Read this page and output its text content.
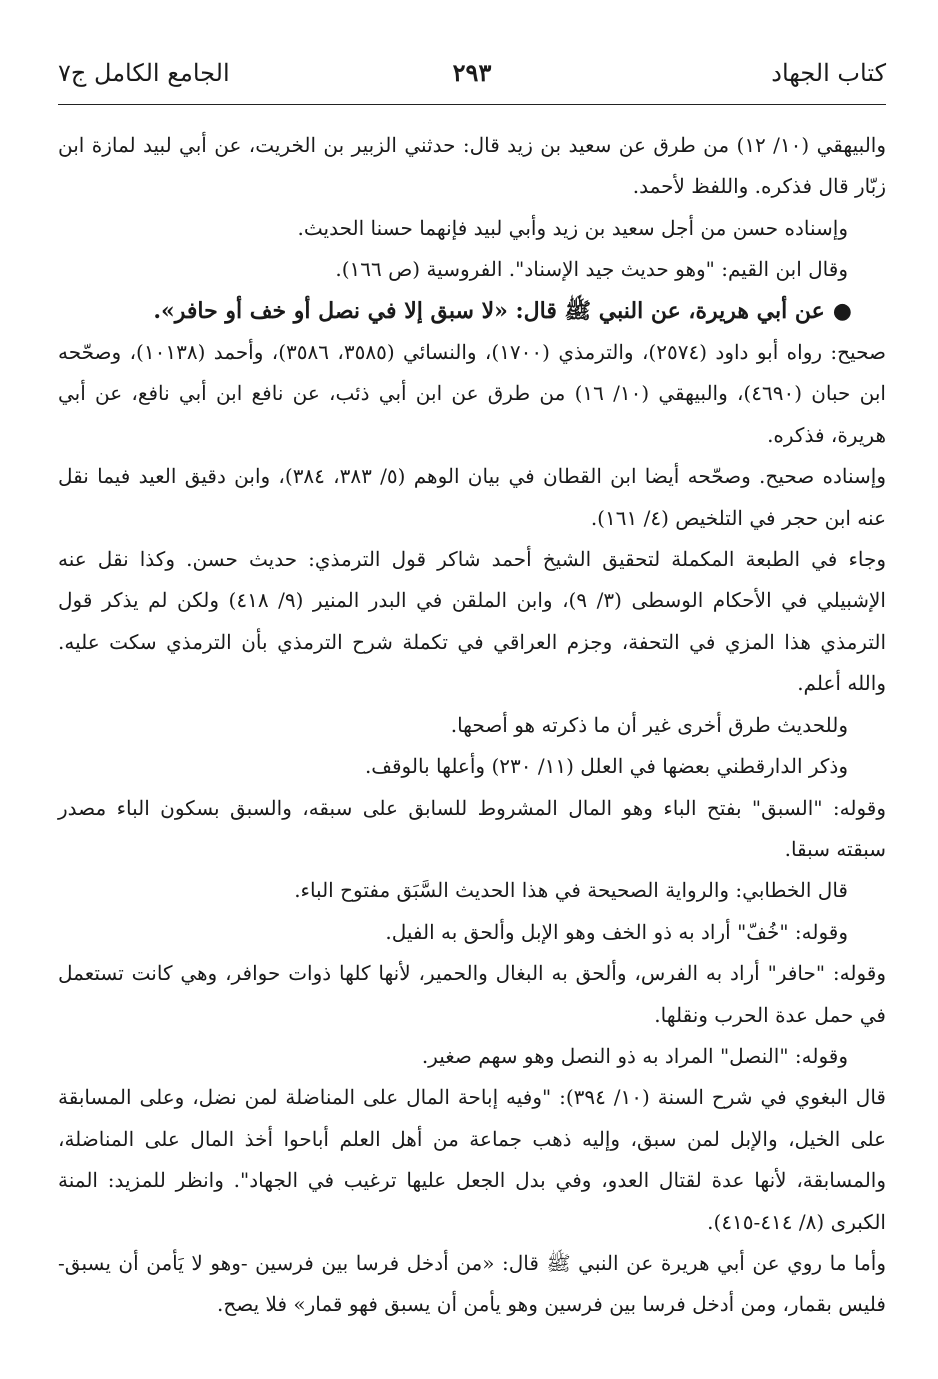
كتاب الجهاد
٢٩٣
الجامع الكامل ج٧

والبيهقي (١٠/ ١٢) من طرق عن سعيد بن زيد قال: حدثني الزبير بن الخريت، عن أبي لبيد لمازة ابن زبّار قال فذكره. واللفظ لأحمد.

وإسناده حسن من أجل سعيد بن زيد وأبي لبيد فإنهما حسنا الحديث.

وقال ابن القيم: "وهو حديث جيد الإسناد". الفروسية (ص ١٦٦).

●عن أبي هريرة، عن النبي ﷺ قال: «لا سبق إلا في نصل أو خف أو حافر».

صحيح: رواه أبو داود (٢٥٧٤)، والترمذي (١٧٠٠)، والنسائي (٣٥٨٥، ٣٥٨٦)، وأحمد (١٠١٣٨)، وصحّحه ابن حبان (٤٦٩٠)، والبيهقي (١٠/ ١٦) من طرق عن ابن أبي ذئب، عن نافع ابن أبي نافع، عن أبي هريرة، فذكره.

وإسناده صحيح. وصحّحه أيضا ابن القطان في بيان الوهم (٥/ ٣٨٣، ٣٨٤)، وابن دقيق العيد فيما نقل عنه ابن حجر في التلخيص (٤/ ١٦١).

وجاء في الطبعة المكملة لتحقيق الشيخ أحمد شاكر قول الترمذي: حديث حسن. وكذا نقل عنه الإشبيلي في الأحكام الوسطى (٣/ ٩)، وابن الملقن في البدر المنير (٩/ ٤١٨) ولكن لم يذكر قول الترمذي هذا المزي في التحفة، وجزم العراقي في تكملة شرح الترمذي بأن الترمذي سكت عليه. والله أعلم.

وللحديث طرق أخرى غير أن ما ذكرته هو أصحها.

وذكر الدارقطني بعضها في العلل (١١/ ٢٣٠) وأعلها بالوقف.

وقوله: "السبق" بفتح الباء وهو المال المشروط للسابق على سبقه، والسبق بسكون الباء مصدر سبقته سبقا.

قال الخطابي: والرواية الصحيحة في هذا الحديث السَّبَق مفتوح الباء.

وقوله: "خُفّ" أراد به ذو الخف وهو الإبل وألحق به الفيل.

وقوله: "حافر" أراد به الفرس، وألحق به البغال والحمير، لأنها كلها ذوات حوافر، وهي كانت تستعمل في حمل عدة الحرب ونقلها.

وقوله: "النصل" المراد به ذو النصل وهو سهم صغير.

قال البغوي في شرح السنة (١٠/ ٣٩٤): "وفيه إباحة المال على المناضلة لمن نضل، وعلى المسابقة على الخيل، والإبل لمن سبق، وإليه ذهب جماعة من أهل العلم أباحوا أخذ المال على المناضلة، والمسابقة، لأنها عدة لقتال العدو، وفي بدل الجعل عليها ترغيب في الجهاد". وانظر للمزيد: المنة الكبرى (٨/ ٤١٤-٤١٥).

وأما ما روي عن أبي هريرة عن النبي ﷺ قال: «من أدخل فرسا بين فرسين -وهو لا يَأمن أن يسبق- فليس بقمار، ومن أدخل فرسا بين فرسين وهو يأمن أن يسبق فهو قمار» فلا يصح.
